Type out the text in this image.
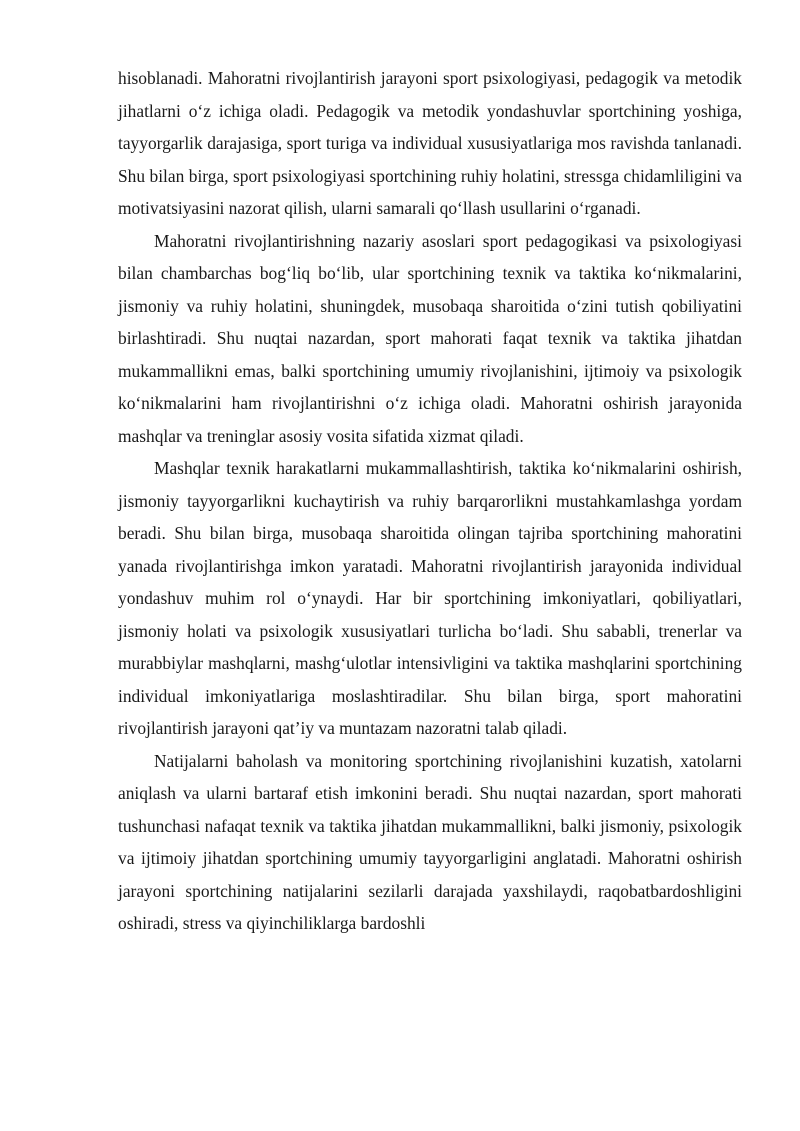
hisoblanadi. Mahoratni rivojlantirish jarayoni sport psixologiyasi, pedagogik va metodik jihatlarni o‘z ichiga oladi. Pedagogik va metodik yondashuvlar sportchining yoshiga, tayyorgarlik darajasiga, sport turiga va individual xususiyatlariga mos ravishda tanlanadi. Shu bilan birga, sport psixologiyasi sportchining ruhiy holatini, stressga chidamliligini va motivatsiyasini nazorat qilish, ularni samarali qo‘llash usullarini o‘rganadi.

Mahoratni rivojlantirishning nazariy asoslari sport pedagogikasi va psixologiyasi bilan chambarchas bog‘liq bo‘lib, ular sportchining texnik va taktika ko‘nikmalarini, jismoniy va ruhiy holatini, shuningdek, musobaqa sharoitida o‘zini tutish qobiliyatini birlashtiradi. Shu nuqtai nazardan, sport mahorati faqat texnik va taktika jihatdan mukammallikni emas, balki sportchining umumiy rivojlanishini, ijtimoiy va psixologik ko‘nikmalarini ham rivojlantirishni o‘z ichiga oladi. Mahoratni oshirish jarayonida mashqlar va treninglar asosiy vosita sifatida xizmat qiladi.

Mashqlar texnik harakatlarni mukammallashtirish, taktika ko‘nikmalarini oshirish, jismoniy tayyorgarlikni kuchaytirish va ruhiy barqarorlikni mustahkamlashga yordam beradi. Shu bilan birga, musobaqa sharoitida olingan tajriba sportchining mahoratini yanada rivojlantirishga imkon yaratadi. Mahoratni rivojlantirish jarayonida individual yondashuv muhim rol o‘ynaydi. Har bir sportchining imkoniyatlari, qobiliyatlari, jismoniy holati va psixologik xususiyatlari turlicha bo‘ladi. Shu sababli, trenerlar va murabbiylar mashqlarni, mashg‘ulotlar intensivligini va taktika mashqlarini sportchining individual imkoniyatlariga moslashtiradilar. Shu bilan birga, sport mahoratini rivojlantirish jarayoni qat’iy va muntazam nazoratni talab qiladi.

Natijalarni baholash va monitoring sportchining rivojlanishini kuzatish, xatolarni aniqlash va ularni bartaraf etish imkonini beradi. Shu nuqtai nazardan, sport mahorati tushunchasi nafaqat texnik va taktika jihatdan mukammallikni, balki jismoniy, psixologik va ijtimoiy jihatdan sportchining umumiy tayyorgarligini anglatadi. Mahoratni oshirish jarayoni sportchining natijalarini sezilarli darajada yaxshilaydi, raqobatbardoshligini oshiradi, stress va qiyinchiliklarga bardoshli
